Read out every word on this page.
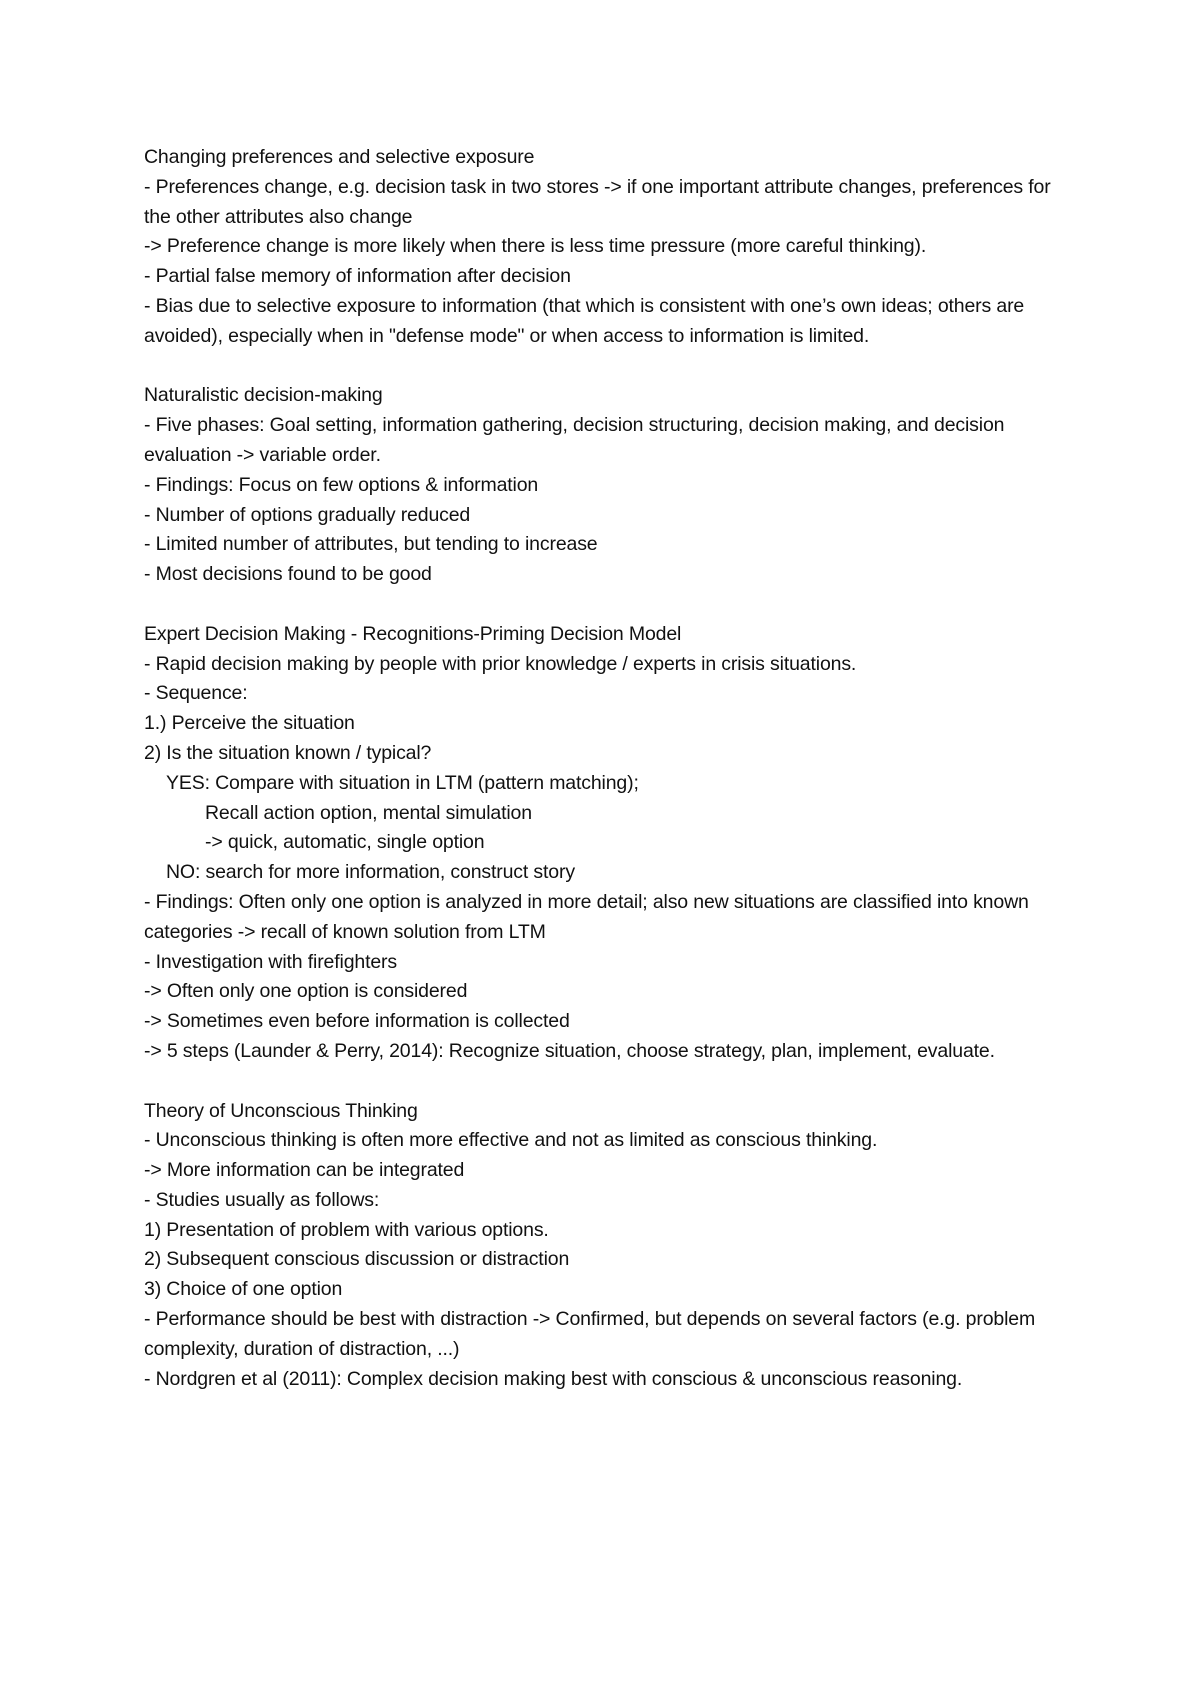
Changing preferences and selective exposure

- Preferences change, e.g. decision task in two stores -> if one important attribute changes, preferences for the other attributes also change

-> Preference change is more likely when there is less time pressure (more careful thinking).

- Partial false memory of information after decision

- Bias due to selective exposure to information (that which is consistent with one’s own ideas; others are avoided), especially when in "defense mode" or when access to information is limited.

Naturalistic decision-making

- Five phases: Goal setting, information gathering, decision structuring, decision making, and decision evaluation -> variable order.

- Findings: Focus on few options & information

- Number of options gradually reduced

- Limited number of attributes, but tending to increase

- Most decisions found to be good

Expert Decision Making - Recognitions-Priming Decision Model

- Rapid decision making by people with prior knowledge / experts in crisis situations.

- Sequence:

1.) Perceive the situation

2) Is the situation known / typical?

YES: Compare with situation in LTM (pattern matching);

Recall action option, mental simulation

-> quick, automatic, single option

NO: search for more information, construct story

- Findings: Often only one option is analyzed in more detail; also new situations are classified into known categories -> recall of known solution from LTM

- Investigation with firefighters

-> Often only one option is considered

-> Sometimes even before information is collected

-> 5 steps (Launder & Perry, 2014): Recognize situation, choose strategy, plan, implement, evaluate.

Theory of Unconscious Thinking

- Unconscious thinking is often more effective and not as limited as conscious thinking.

-> More information can be integrated

- Studies usually as follows:

1) Presentation of problem with various options.

2) Subsequent conscious discussion or distraction

3) Choice of one option

- Performance should be best with distraction -> Confirmed, but depends on several factors (e.g. problem complexity, duration of distraction, ...)

- Nordgren et al (2011): Complex decision making best with conscious & unconscious reasoning.
